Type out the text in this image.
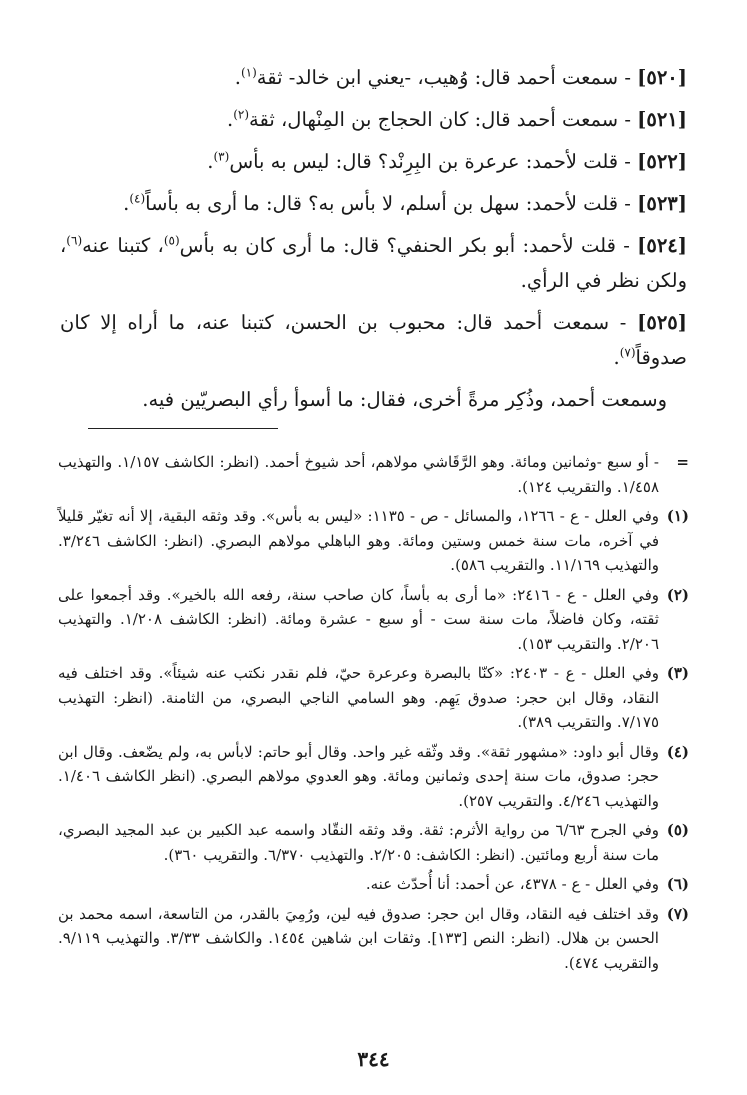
[٥٢٠] - سمعت أحمد قال: وُهيب، -يعني ابن خالد- ثقة$^{(١)}$.

[٥٢١] - سمعت أحمد قال: كان الحجاج بن المِنْهال، ثقة$^{(٢)}$.

[٥٢٢] - قلت لأحمد: عرعرة بن البِرِنْد؟ قال: ليس به بأس$^{(٣)}$.

[٥٢٣] - قلت لأحمد: سهل بن أسلم، لا بأس به؟ قال: ما أرى به بأساً$^{(٤)}$.

[٥٢٤] - قلت لأحمد: أبو بكر الحنفي؟ قال: ما أرى كان به بأس$^{(٥)}$، كتبنا عنه$^{(٦)}$، ولكن نظر في الرأي.

[٥٢٥] - سمعت أحمد قال: محبوب بن الحسن، كتبنا عنه، ما أراه إلا كان صدوقاً$^{(٧)}$.

وسمعت أحمد، وذُكِر مرةً أخرى، فقال: ما أسوأ رأي البصريّين فيه.

=
- أو سبع -وثمانين ومائة. وهو الرَّقَاشي مولاهم، أحد شيوخ أحمد. (انظر: الكاشف ١/١٥٧. والتهذيب ١/٤٥٨. والتقريب ١٢٤).
(١)
وفي العلل - ع - ١٢٦٦، والمسائل - ص - ١١٣٥: «ليس به بأس». وقد وثقه البقية، إلا أنه تغيّر قليلاً في آخره، مات سنة خمس وستين ومائة. وهو الباهلي مولاهم البصري. (انظر: الكاشف ٣/٢٤٦. والتهذيب ١١/١٦٩. والتقريب ٥٨٦).
(٢)
وفي العلل - ع - ٢٤١٦: «ما أرى به بأساً، كان صاحب سنة، رفعه الله بالخير». وقد أجمعوا على ثقته، وكان فاضلاً، مات سنة ست - أو سبع - عشرة ومائة. (انظر: الكاشف ١/٢٠٨. والتهذيب ٢/٢٠٦. والتقريب ١٥٣).
(٣)
وفي العلل - ع - ٢٤٠٣: «كنّا بالبصرة وعرعرة حيّ، فلم نقدر نكتب عنه شيئاً». وقد اختلف فيه النقاد، وقال ابن حجر: صدوق يَهِم. وهو السامي الناجي البصري، من الثامنة. (انظر: التهذيب ٧/١٧٥. والتقريب ٣٨٩).
(٤)
وقال أبو داود: «مشهور ثقة». وقد وثّقه غير واحد. وقال أبو حاتم: لابأس به، ولم يضّعف. وقال ابن حجر: صدوق، مات سنة إحدى وثمانين ومائة. وهو العدوي مولاهم البصري. (انظر الكاشف ١/٤٠٦. والتهذيب ٤/٢٤٦. والتقريب ٢٥٧).
(٥)
وفي الجرح ٦/٦٣ من رواية الأثرم: ثقة. وقد وثقه النقّاد واسمه عبد الكبير بن عبد المجيد البصري، مات سنة أربع ومائتين. (انظر: الكاشف: ٢/٢٠٥. والتهذيب ٦/٣٧٠. والتقريب ٣٦٠).
(٦)
وفي العلل - ع - ٤٣٧٨، عن أحمد: أنا أُحدّث عنه.
(٧)
وقد اختلف فيه النقاد، وقال ابن حجر: صدوق فيه لين، ورُمِيَ بالقدر، من التاسعة، اسمه محمد بن الحسن بن هلال. (انظر: النص [١٣٣]. وثقات ابن شاهين ١٤٥٤. والكاشف ٣/٣٣. والتهذيب ٩/١١٩. والتقريب ٤٧٤).
٣٤٤
